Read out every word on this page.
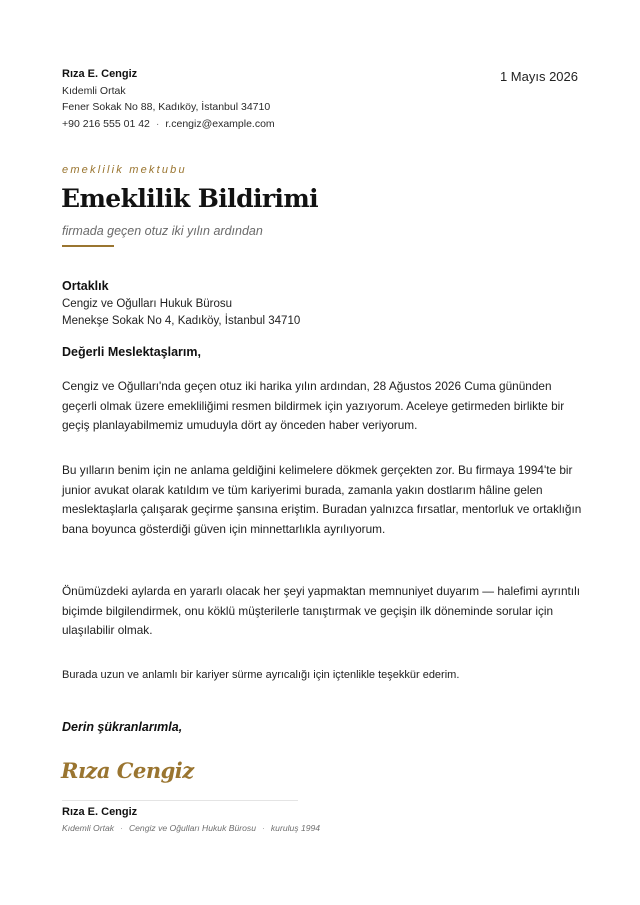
Rıza E. Cengiz
Kıdemli Ortak
Fener Sokak No 88, Kadıköy, İstanbul 34710
+90 216 555 01 42 · r.cengiz@example.com
1 Mayıs 2026
emeklilik mektubu
Emeklilik Bildirimi
firmada geçen otuz iki yılın ardından
Ortaklık
Cengiz ve Oğulları Hukuk Bürosu
Menekşe Sokak No 4, Kadıköy, İstanbul 34710
Değerli Meslektaşlarım,
Cengiz ve Oğulları'nda geçen otuz iki harika yılın ardından, 28 Ağustos 2026 Cuma gününden geçerli olmak üzere emekliliğimi resmen bildirmek için yazıyorum. Aceleye getirmeden birlikte bir geçiş planlayabilmemiz umuduyla dört ay önceden haber veriyorum.
Bu yılların benim için ne anlama geldiğini kelimelere dökmek gerçekten zor. Bu firmaya 1994'te bir junior avukat olarak katıldım ve tüm kariyerimi burada, zamanla yakın dostlarım hâline gelen meslektaşlarla çalışarak geçirme şansına eriştim. Buradan yalnızca fırsatlar, mentorluk ve ortaklığın bana boyunca gösterdiği güven için minnettarlıkla ayrılıyorum.
Önümüzdeki aylarda en yararlı olacak her şeyi yapmaktan memnuniyet duyarım — halefimi ayrıntılı biçimde bilgilendirmek, onu köklü müşterilerle tanıştırmak ve geçişin ilk döneminde sorular için ulaşılabilir olmak.
Burada uzun ve anlamlı bir kariyer sürme ayrıcalığı için içtenlikle teşekkür ederim.
Derin şükranlarımla,
Rıza Cengiz
Rıza E. Cengiz
Kıdemli Ortak · Cengiz ve Oğulları Hukuk Bürosu · kuruluş 1994
